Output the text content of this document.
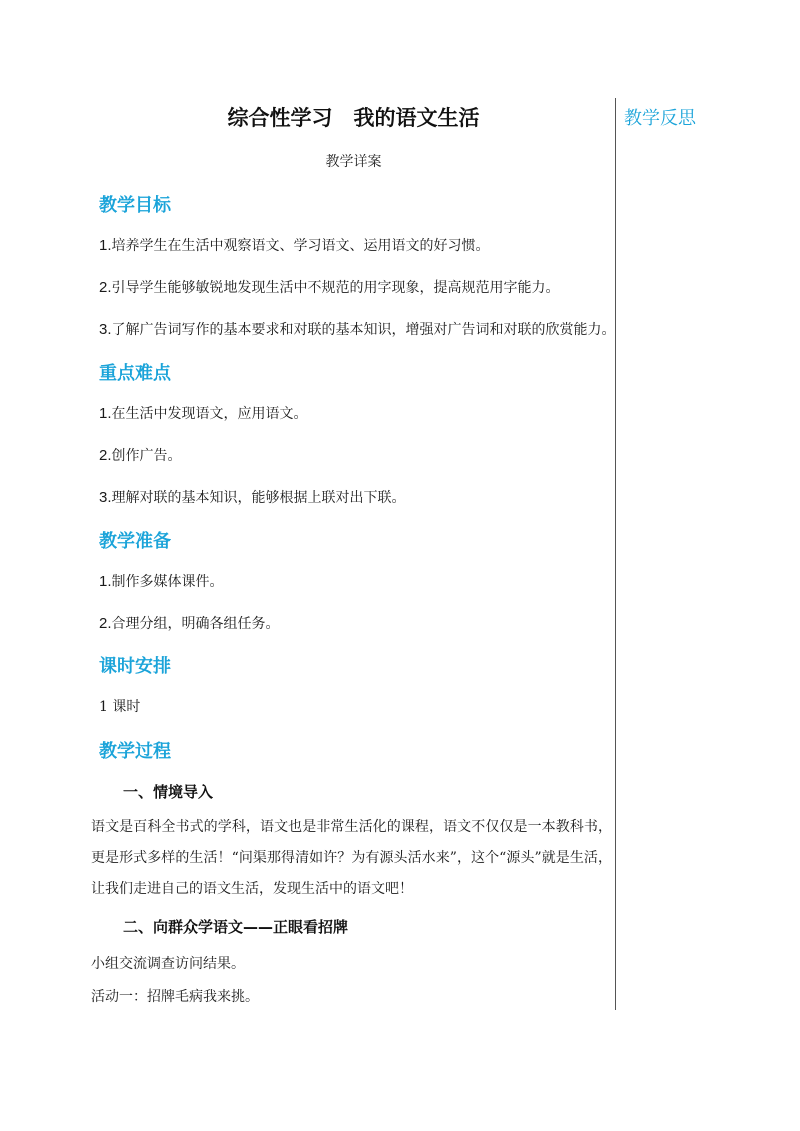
综合性学习　我的语文生活
教学详案
教学反思
教学目标
1.培养学生在生活中观察语文、学习语文、运用语文的好习惯。
2.引导学生能够敏锐地发现生活中不规范的用字现象，提高规范用字能力。
3.了解广告词写作的基本要求和对联的基本知识，增强对广告词和对联的欣赏能力。
重点难点
1.在生活中发现语文，应用语文。
2.创作广告。
3.理解对联的基本知识，能够根据上联对出下联。
教学准备
1.制作多媒体课件。
2.合理分组，明确各组任务。
课时安排
1 课时
教学过程
一、情境导入
语文是百科全书式的学科，语文也是非常生活化的课程，语文不仅仅是一本教科书，更是形式多样的生活！“问渠那得清如许？为有源头活水来”，这个“源头”就是生活，让我们走进自己的语文生活，发现生活中的语文吧！
二、向群众学语文——正眼看招牌
小组交流调查访问结果。
活动一：招牌毛病我来挑。
